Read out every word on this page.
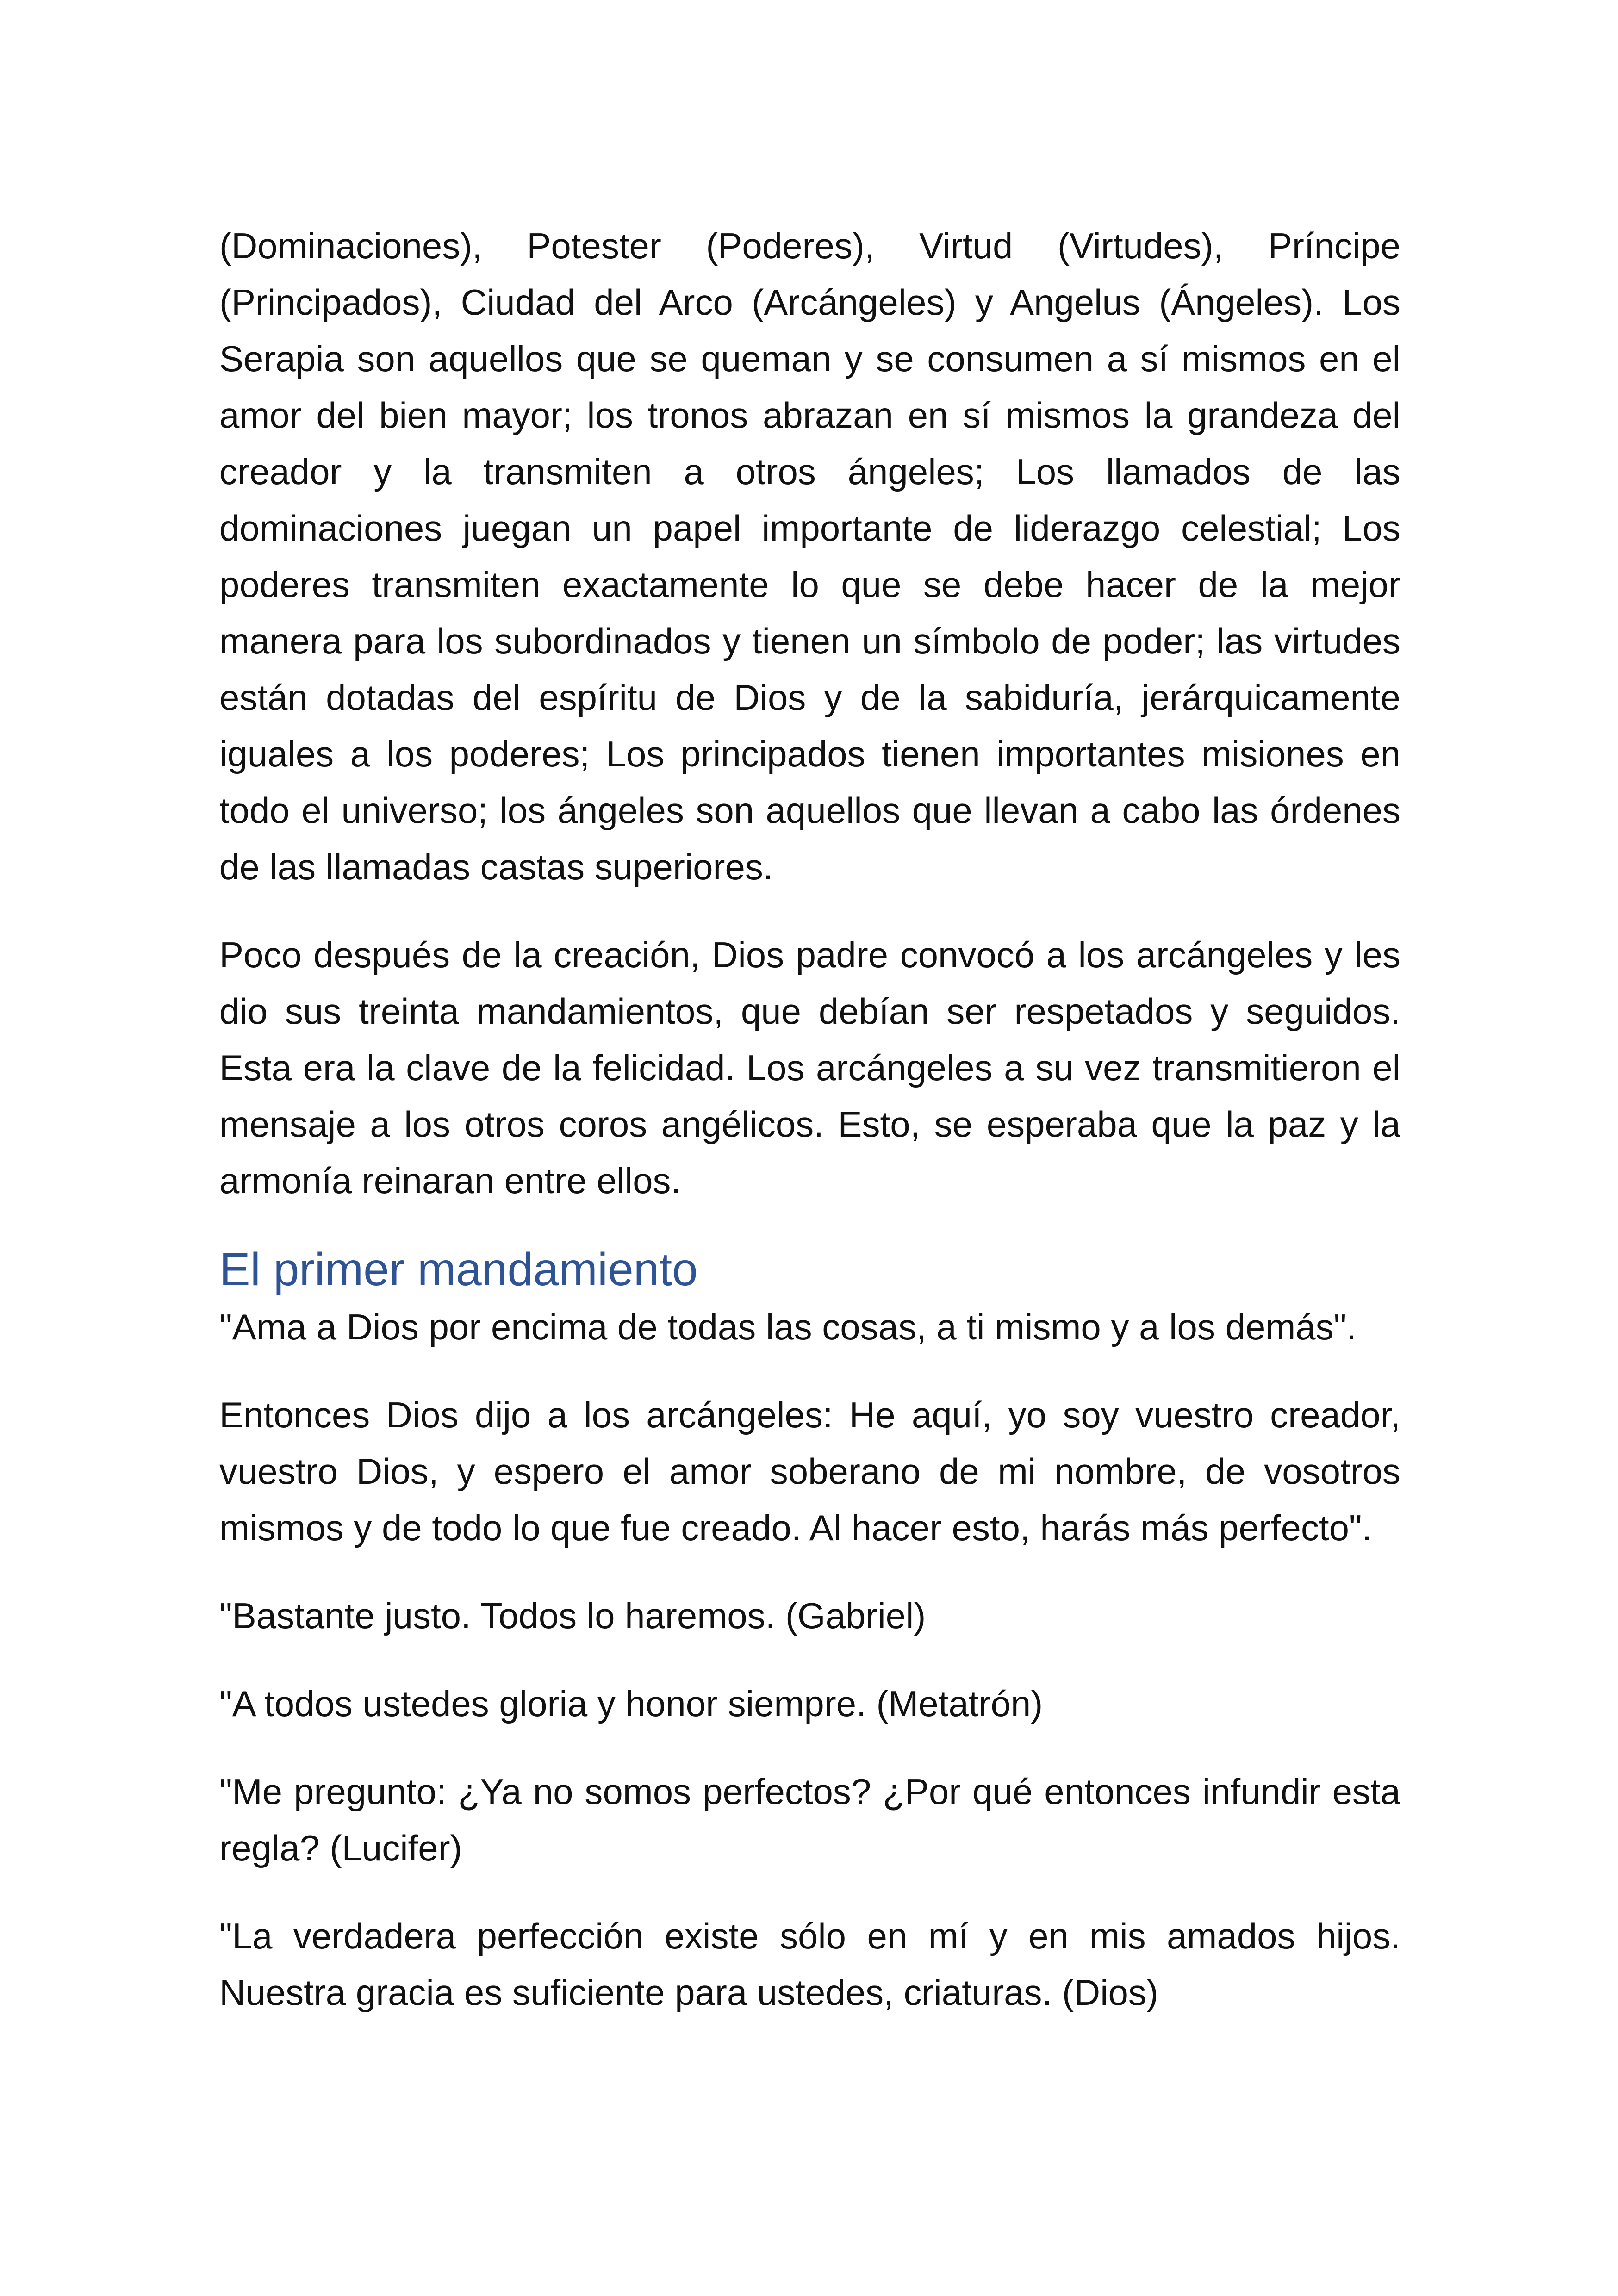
(Dominaciones), Potester (Poderes), Virtud (Virtudes), Príncipe (Principados), Ciudad del Arco (Arcángeles) y Angelus (Ángeles). Los Serapia son aquellos que se queman y se consumen a sí mismos en el amor del bien mayor; los tronos abrazan en sí mismos la grandeza del creador y la transmiten a otros ángeles; Los llamados de las dominaciones juegan un papel importante de liderazgo celestial; Los poderes transmiten exactamente lo que se debe hacer de la mejor manera para los subordinados y tienen un símbolo de poder; las virtudes están dotadas del espíritu de Dios y de la sabiduría, jerárquicamente iguales a los poderes; Los principados tienen importantes misiones en todo el universo; los ángeles son aquellos que llevan a cabo las órdenes de las llamadas castas superiores.

Poco después de la creación, Dios padre convocó a los arcángeles y les dio sus treinta mandamientos, que debían ser respetados y seguidos. Esta era la clave de la felicidad. Los arcángeles a su vez transmitieron el mensaje a los otros coros angélicos. Esto, se esperaba que la paz y la armonía reinaran entre ellos.

El primer mandamiento

"Ama a Dios por encima de todas las cosas, a ti mismo y a los demás".

Entonces Dios dijo a los arcángeles: He aquí, yo soy vuestro creador, vuestro Dios, y espero el amor soberano de mi nombre, de vosotros mismos y de todo lo que fue creado. Al hacer esto, harás más perfecto".

"Bastante justo. Todos lo haremos. (Gabriel)

"A todos ustedes gloria y honor siempre. (Metatrón)

"Me pregunto: ¿Ya no somos perfectos? ¿Por qué entonces infundir esta regla? (Lucifer)

"La verdadera perfección existe sólo en mí y en mis amados hijos. Nuestra gracia es suficiente para ustedes, criaturas. (Dios)
